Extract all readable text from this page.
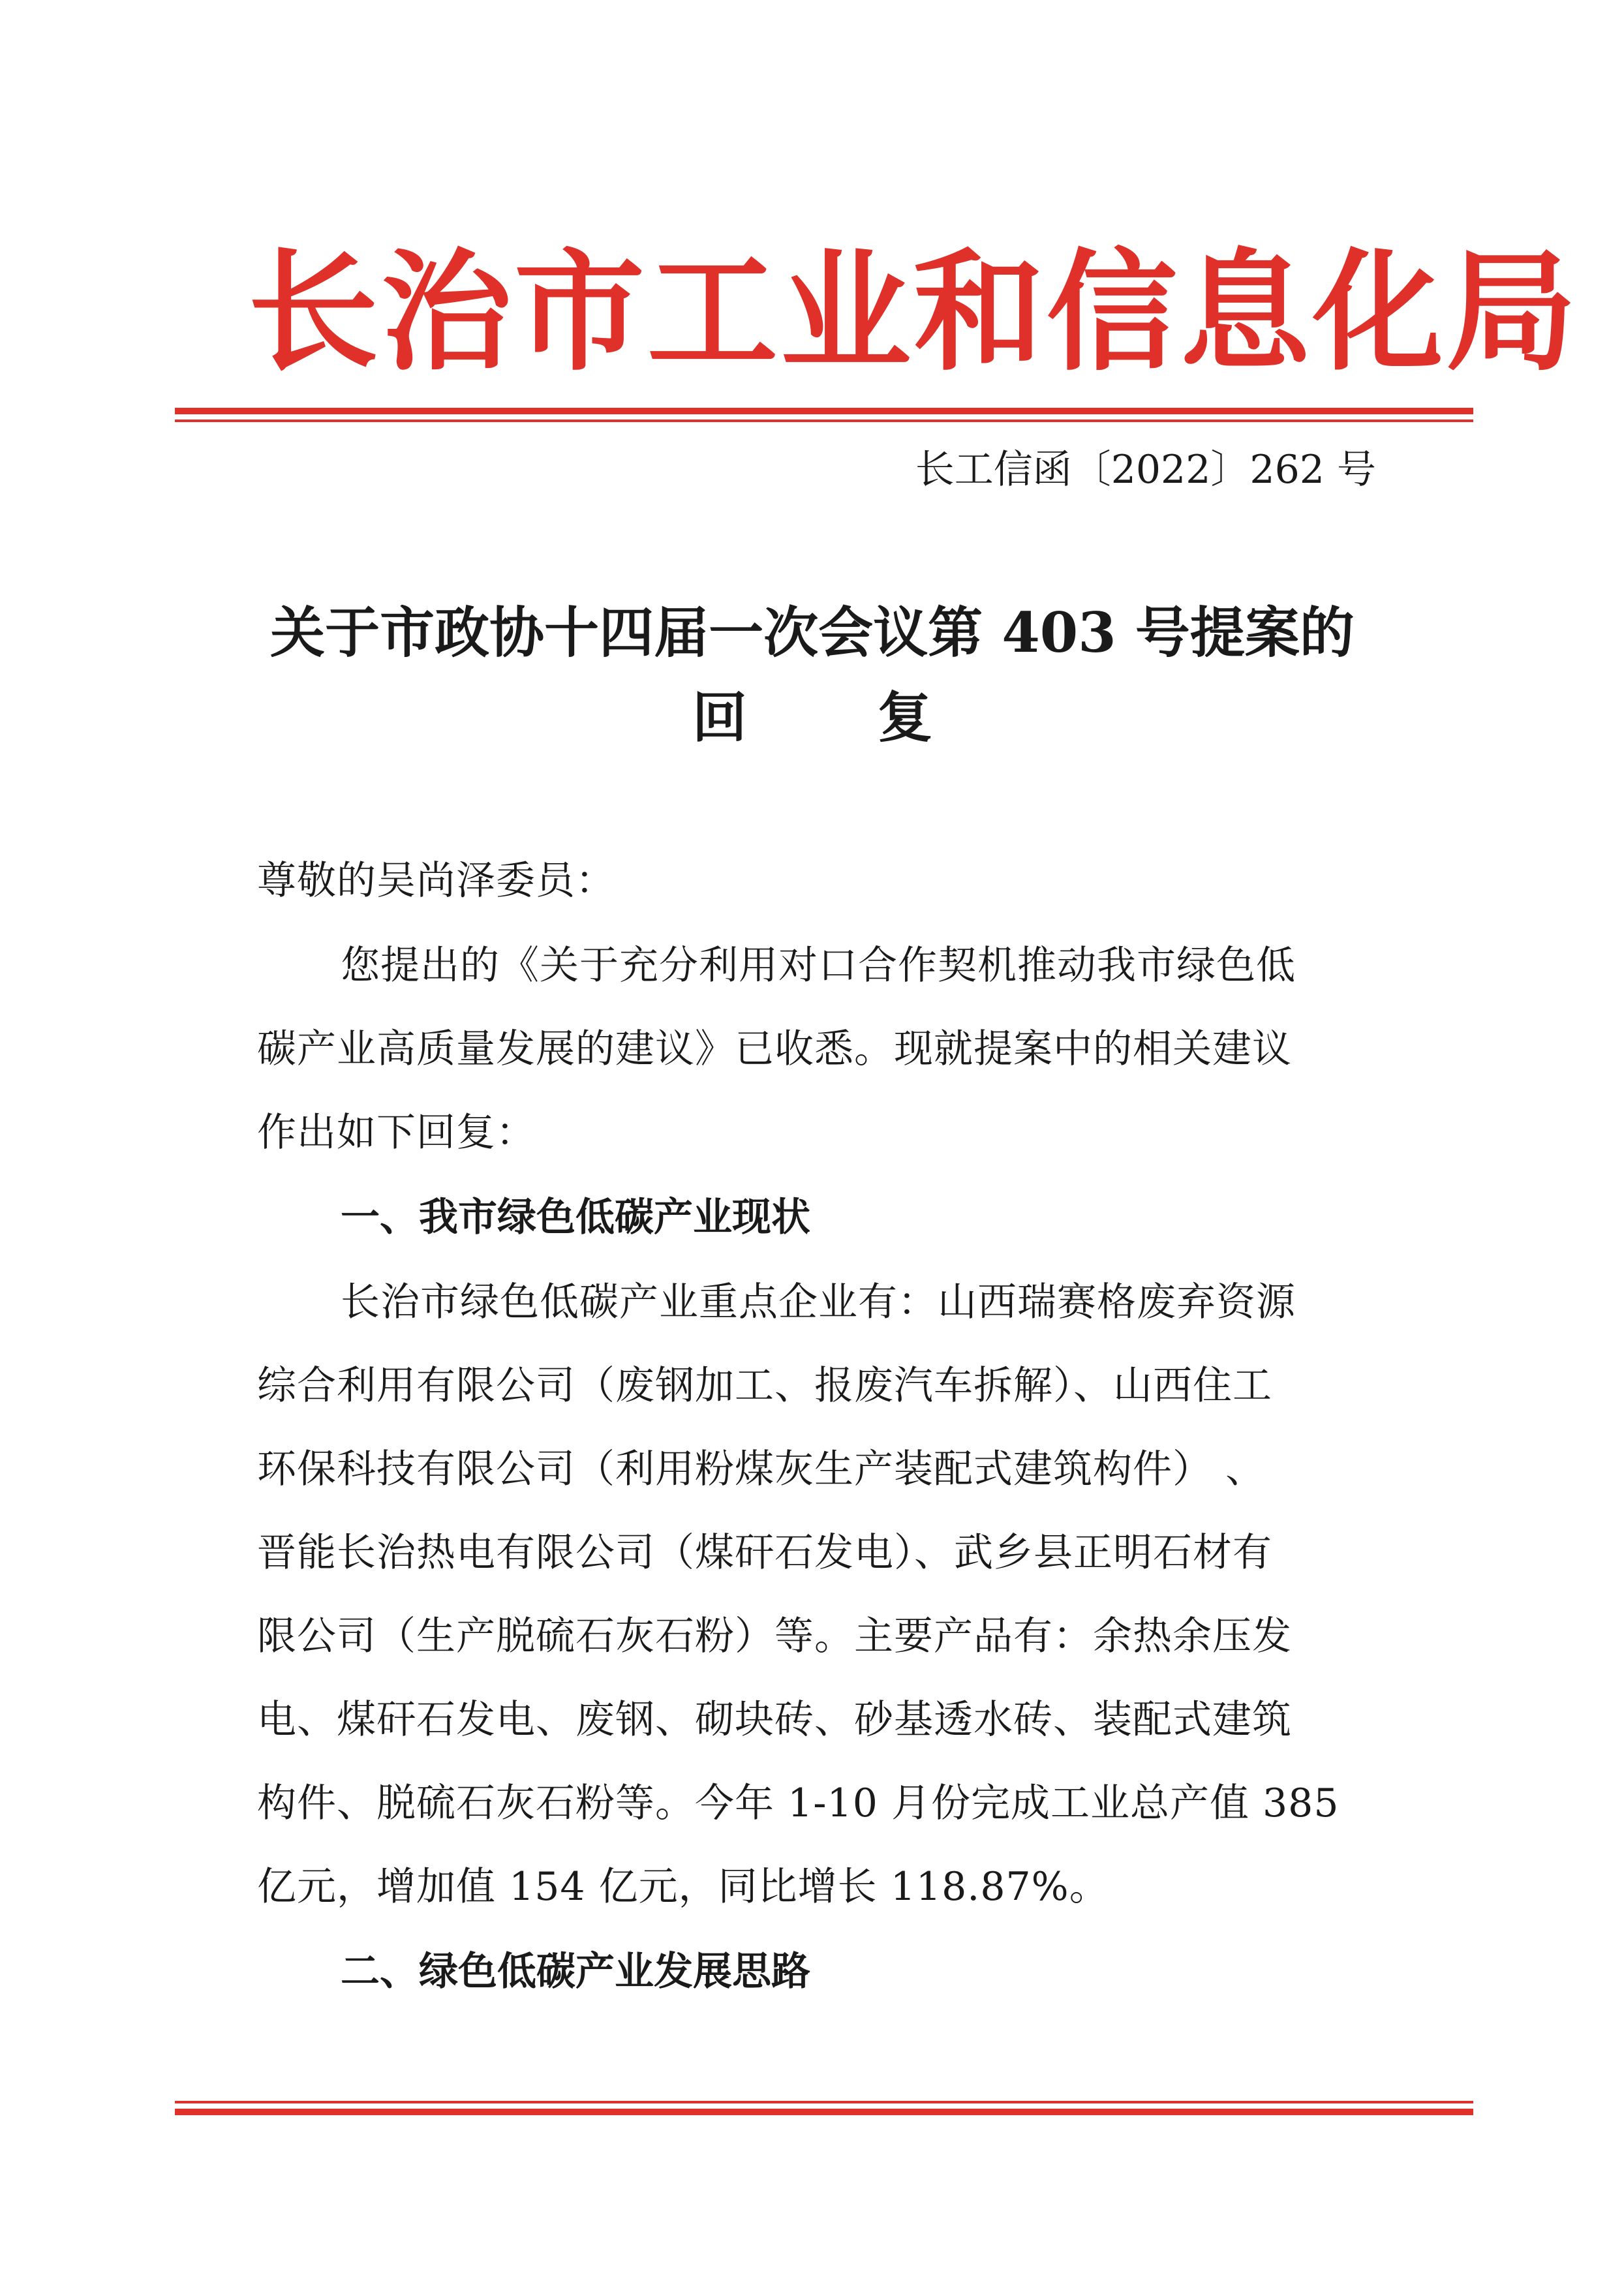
长治市工业和信息化局
长工信函〔2022〕262 号
关于市政协十四届一次会议第 403 号提案的
回 复
尊敬的吴尚泽委员：
您提出的《关于充分利用对口合作契机推动我市绿色低
碳产业高质量发展的建议》已收悉。现就提案中的相关建议
作出如下回复：
一、我市绿色低碳产业现状
长治市绿色低碳产业重点企业有：山西瑞赛格废弃资源
综合利用有限公司（废钢加工、报废汽车拆解）、山西住工
环保科技有限公司（利用粉煤灰生产装配式建筑构件） 、
晋能长治热电有限公司（煤矸石发电）、武乡县正明石材有
限公司（生产脱硫石灰石粉）等。主要产品有：余热余压发
电、煤矸石发电、废钢、砌块砖、砂基透水砖、装配式建筑
构件、脱硫石灰石粉等。今年 1-10 月份完成工业总产值 385
亿元，增加值 154 亿元，同比增长 118.87%。
二、绿色低碳产业发展思路
